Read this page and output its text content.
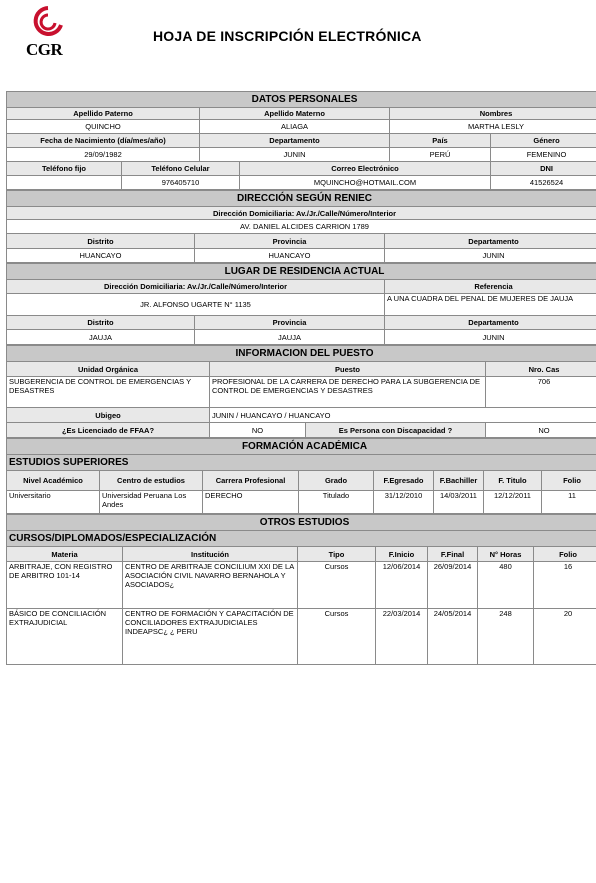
CGR
HOJA DE INSCRIPCIÓN ELECTRÓNICA
DATOS PERSONALES					
Apellido Paterno		Apellido Materno		Nombres	
QUINCHO		ALIAGA		MARTHA LESLY	
Fecha de Nacimiento (día/mes/año)		Departamento		País	Género
29/09/1982		JUNIN		PERÚ	FEMENINO
Teléfono fijo	Teléfono Celular		Correo Electrónico		DNI
	976405710		MQUINCHO@HOTMAIL.COM		41526524
DIRECCIÓN SEGÚN RENIEC		
Dirección Domiciliaria: Av./Jr./Calle/Número/Interior		
AV. DANIEL ALCIDES CARRION 1789		
Distrito	Provincia	Departamento
HUANCAYO	HUANCAYO	JUNIN
LUGAR DE RESIDENCIA ACTUAL		
Dirección Domiciliaria: Av./Jr./Calle/Número/Interior		Referencia
JR. ALFONSO UGARTE N° 1135		A UNA CUADRA DEL PENAL DE MUJERES DE JAUJA
Distrito	Provincia	Departamento
JAUJA	JAUJA	JUNIN
INFORMACION DEL PUESTO			
Unidad Orgánica	Puesto		Nro. Cas
SUBGERENCIA DE CONTROL DE EMERGENCIAS Y DESASTRES	PROFESIONAL DE LA CARRERA DE DERECHO PARA LA SUBGERENCIA DE CONTROL DE EMERGENCIAS Y DESASTRES		706
Ubigeo	JUNIN / HUANCAYO / HUANCAYO		
¿Es Licenciado de FFAA?	NO	Es Persona con Discapacidad ?	NO
FORMACIÓN ACADÉMICA							
ESTUDIOS SUPERIORES							
Nivel Académico	Centro de estudios	Carrera Profesional	Grado	F.Egresado	F.Bachiller	F. Titulo	Folio
Universitario	Universidad Peruana Los Andes	DERECHO	Titulado	31/12/2010	14/03/2011	12/12/2011	11
OTROS ESTUDIOS						
CURSOS/DIPLOMADOS/ESPECIALIZACIÓN						
Materia	Institución	Tipo	F.Inicio	F.Final	N° Horas	Folio
ARBITRAJE, CON REGISTRO DE ARBITRO 101-14	CENTRO DE ARBITRAJE CONCILIUM XXI DE LA ASOCIACIÓN CIVIL NAVARRO BERNAHOLA Y ASOCIADOS¿	Cursos	12/06/2014	26/09/2014	480	16
BÁSICO DE CONCILIACIÓN EXTRAJUDICIAL	CENTRO DE FORMACIÓN Y CAPACITACIÓN DE CONCILIADORES EXTRAJUDICIALES INDEAPSC¿ ¿ PERU	Cursos	22/03/2014	24/05/2014	248	20
